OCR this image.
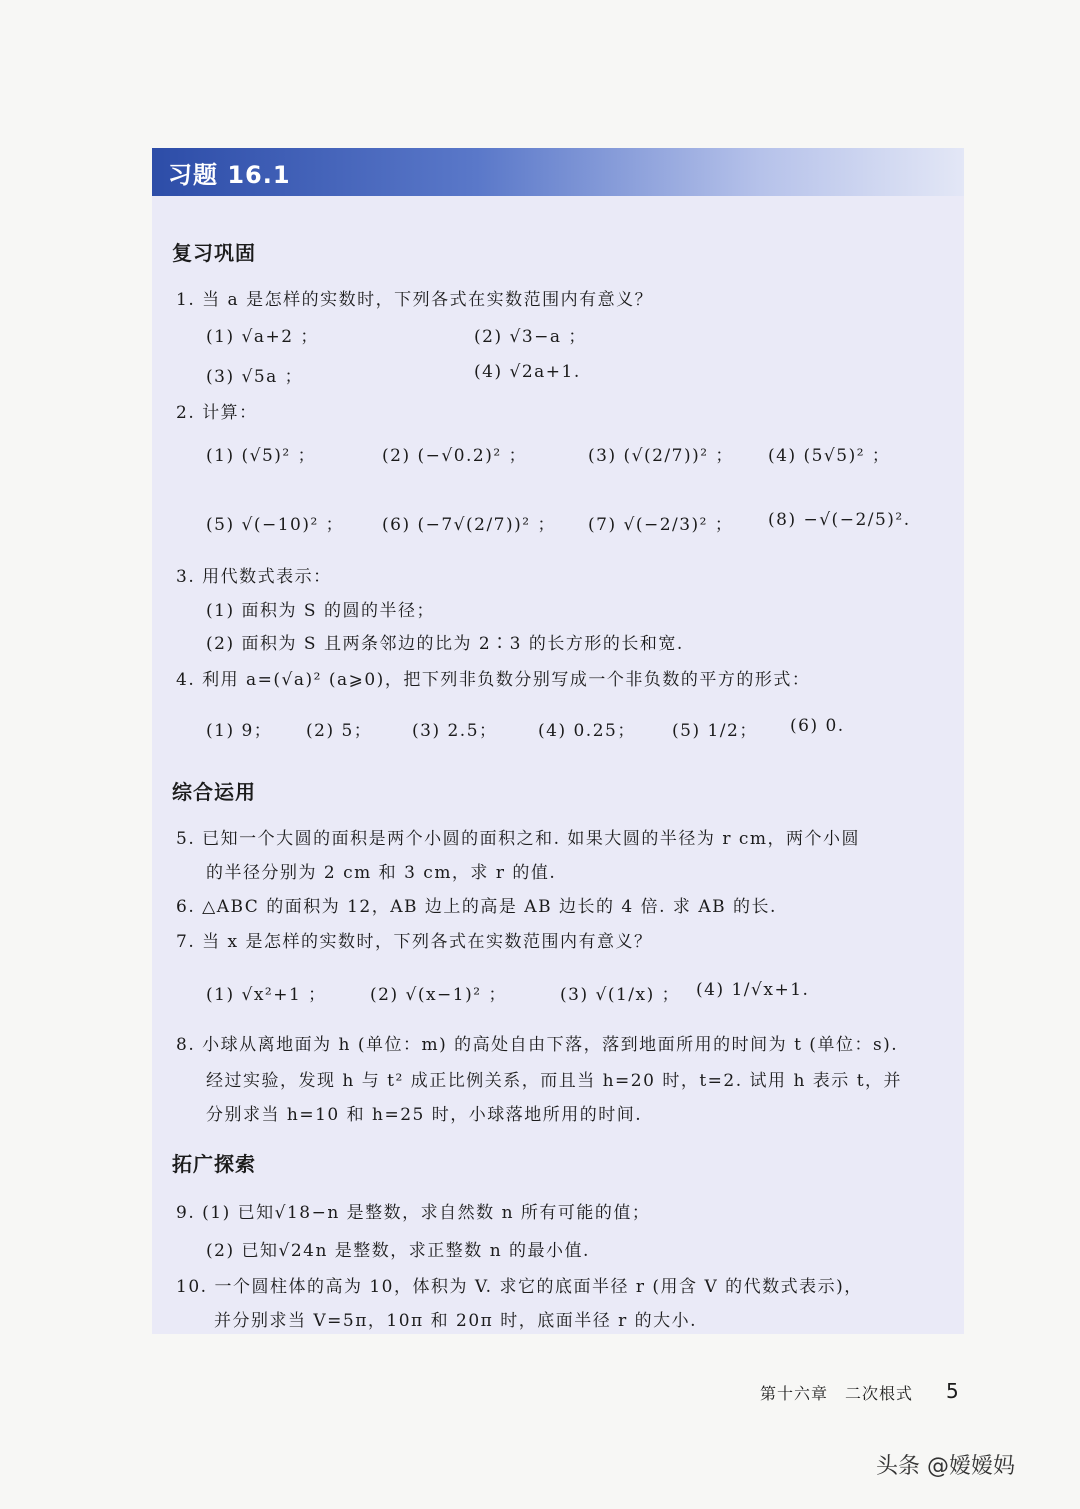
习题 16.1
复习巩固
1. 当 a 是怎样的实数时，下列各式在实数范围内有意义？
(1) √a+2 ；	(2) √3−a ；
(3) √5a ；	(4) √2a+1.
2. 计算：
(1) (√5)² ；	(2) (−√0.2)² ；	(3) (√(2/7))² ； (4) (5√5)² ；
(5) √(−10)² ； (6) (−7√(2/7))² ； (7) √(−2/3)² ； (8) −√(−2/5)².
3. 用代数式表示：
(1) 面积为 S 的圆的半径；
(2) 面积为 S 且两条邻边的比为 2∶3 的长方形的长和宽.
4. 利用 a=(√a)² (a⩾0)，把下列非负数分别写成一个非负数的平方的形式：
(1) 9； (2) 5； (3) 2.5； (4) 0.25； (5) 1/2； (6) 0.
综合运用
5. 已知一个大圆的面积是两个小圆的面积之和. 如果大圆的半径为 r cm，两个小圆
的半径分别为 2 cm 和 3 cm，求 r 的值.
6. △ABC 的面积为 12，AB 边上的高是 AB 边长的 4 倍. 求 AB 的长.
7. 当 x 是怎样的实数时，下列各式在实数范围内有意义？
(1) √x²+1 ；	(2) √(x−1)² ；	(3) √(1/x) ； (4) 1/√x+1.
8. 小球从离地面为 h (单位：m) 的高处自由下落，落到地面所用的时间为 t (单位：s).
经过实验，发现 h 与 t² 成正比例关系，而且当 h=20 时，t=2. 试用 h 表示 t，并
分别求当 h=10 和 h=25 时，小球落地所用的时间.
拓广探索
9. (1) 已知√18−n 是整数，求自然数 n 所有可能的值；
(2) 已知√24n 是整数，求正整数 n 的最小值.
10. 一个圆柱体的高为 10，体积为 V. 求它的底面半径 r (用含 V 的代数式表示)，
并分别求当 V=5π，10π 和 20π 时，底面半径 r 的大小.
第十六章　二次根式 5
头条 @嫒嫒妈
